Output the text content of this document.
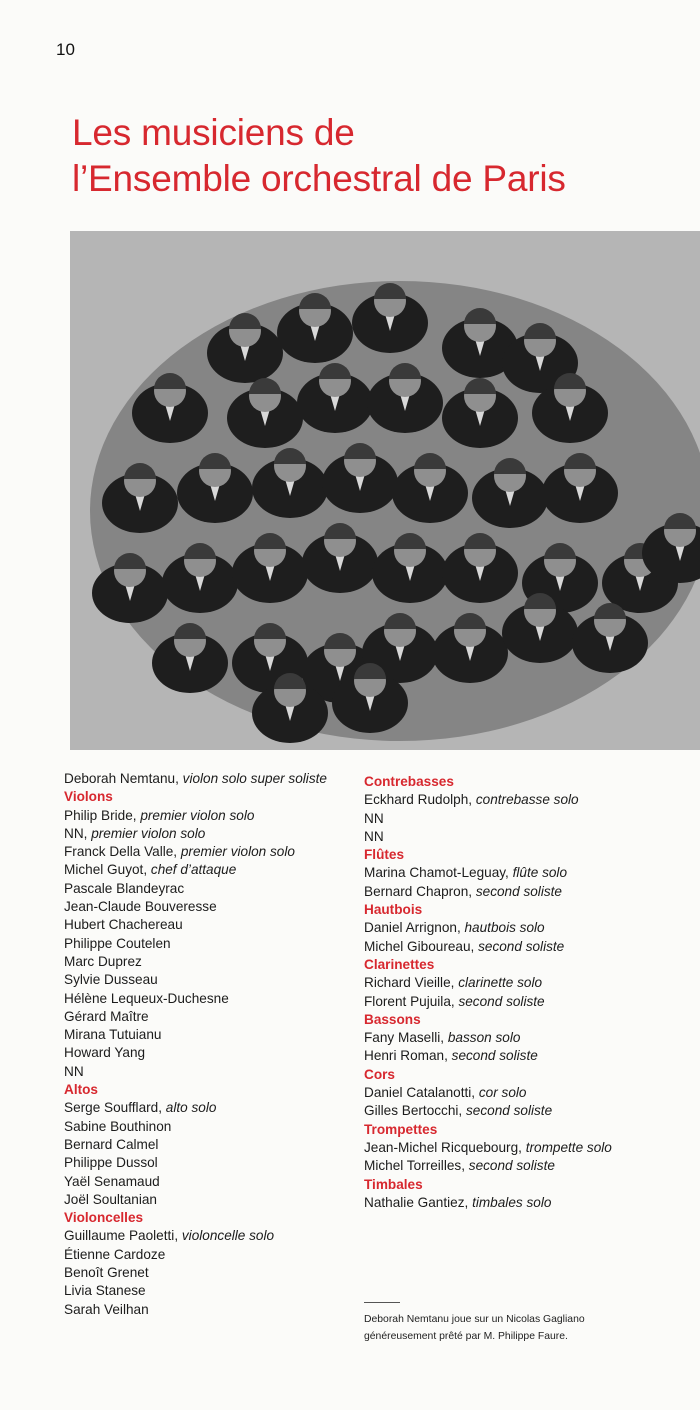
10
Les musiciens de
l’Ensemble orchestral de Paris
Deborah Nemtanu, violon solo super soliste
Violons
Philip Bride, premier violon solo
NN, premier violon solo
Franck Della Valle, premier violon solo
Michel Guyot, chef d’attaque
Pascale Blandeyrac
Jean-Claude Bouveresse
Hubert Chachereau
Philippe Coutelen
Marc Duprez
Sylvie Dusseau
Hélène Lequeux-Duchesne
Gérard Maître
Mirana Tutuianu
Howard Yang
NN
Altos
Serge Soufflard, alto solo
Sabine Bouthinon
Bernard Calmel
Philippe Dussol
Yaël Senamaud
Joël Soultanian
Violoncelles
Guillaume Paoletti, violoncelle solo
Étienne Cardoze
Benoît Grenet
Livia Stanese
Sarah Veilhan
Contrebasses
Eckhard Rudolph, contrebasse solo
NN
NN
Flûtes
Marina Chamot-Leguay, flûte solo
Bernard Chapron, second soliste
Hautbois
Daniel Arrignon, hautbois solo
Michel Giboureau, second soliste
Clarinettes
Richard Vieille, clarinette solo
Florent Pujuila, second soliste
Bassons
Fany Maselli, basson solo
Henri Roman, second soliste
Cors
Daniel Catalanotti, cor solo
Gilles Bertocchi, second soliste
Trompettes
Jean-Michel Ricquebourg, trompette solo
Michel Torreilles, second soliste
Timbales
Nathalie Gantiez, timbales solo
Deborah Nemtanu joue sur un Nicolas Gagliano
généreusement prêté par M. Philippe Faure.
